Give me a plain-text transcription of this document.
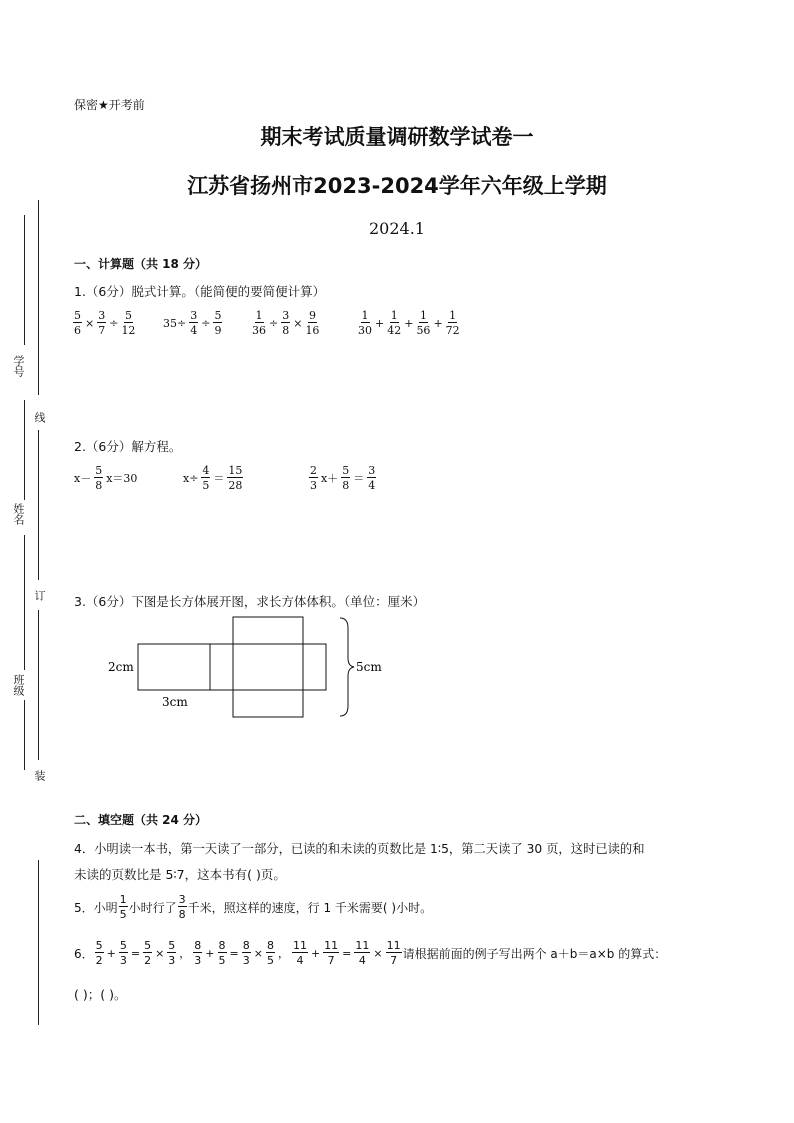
保密★开考前
期末考试质量调研数学试卷一
江苏省扬州市2023-2024学年六年级上学期
2024.1
学号
线
姓名
订
班级
装
一、计算题（共 18 分）
1.（6分）脱式计算。（能简便的要简便计算）
$\frac{5}{6} \times \frac{3}{7} \div \frac{5}{12}$	$35\div \frac{3}{4} \div \frac{5}{9}$	$\frac{1}{36} \div \frac{3}{8} \times \frac{9}{16}$	$\frac{1}{30} + \frac{1}{42} + \frac{1}{56} + \frac{1}{72}$
2.（6分）解方程。
$x- \frac{5}{8} x=30$	$x\div \frac{4}{5} = \frac{15}{28}$	$\frac{2}{3} x+ \frac{5}{8} = \frac{3}{4}$
3.（6分）下图是长方体展开图，求长方体体积。（单位：厘米）
2cm
3cm
5cm
二、填空题（共 24 分）
4．小明读一本书，第一天读了一部分，已读的和未读的页数比是 1∶5，第二天读了 30 页，这时已读的和
未读的页数比是 5∶7，这本书有( )页。
5．小明 $\frac{1}{5}$ 小时行了 $\frac{3}{8}$ 千米，照这样的速度，行 1 千米需要( )小时。
6． $\frac{5}{2} + \frac{5}{3} = \frac{5}{2} \times \frac{5}{3}$ ， $\frac{8}{3} + \frac{8}{5} = \frac{8}{3} \times \frac{8}{5}$ ， $\frac{11}{4} + \frac{11}{7} = \frac{11}{4} \times \frac{11}{7}$ 请根据前面的例子写出两个 a＋b＝a×b 的算式：
( )；( )。
